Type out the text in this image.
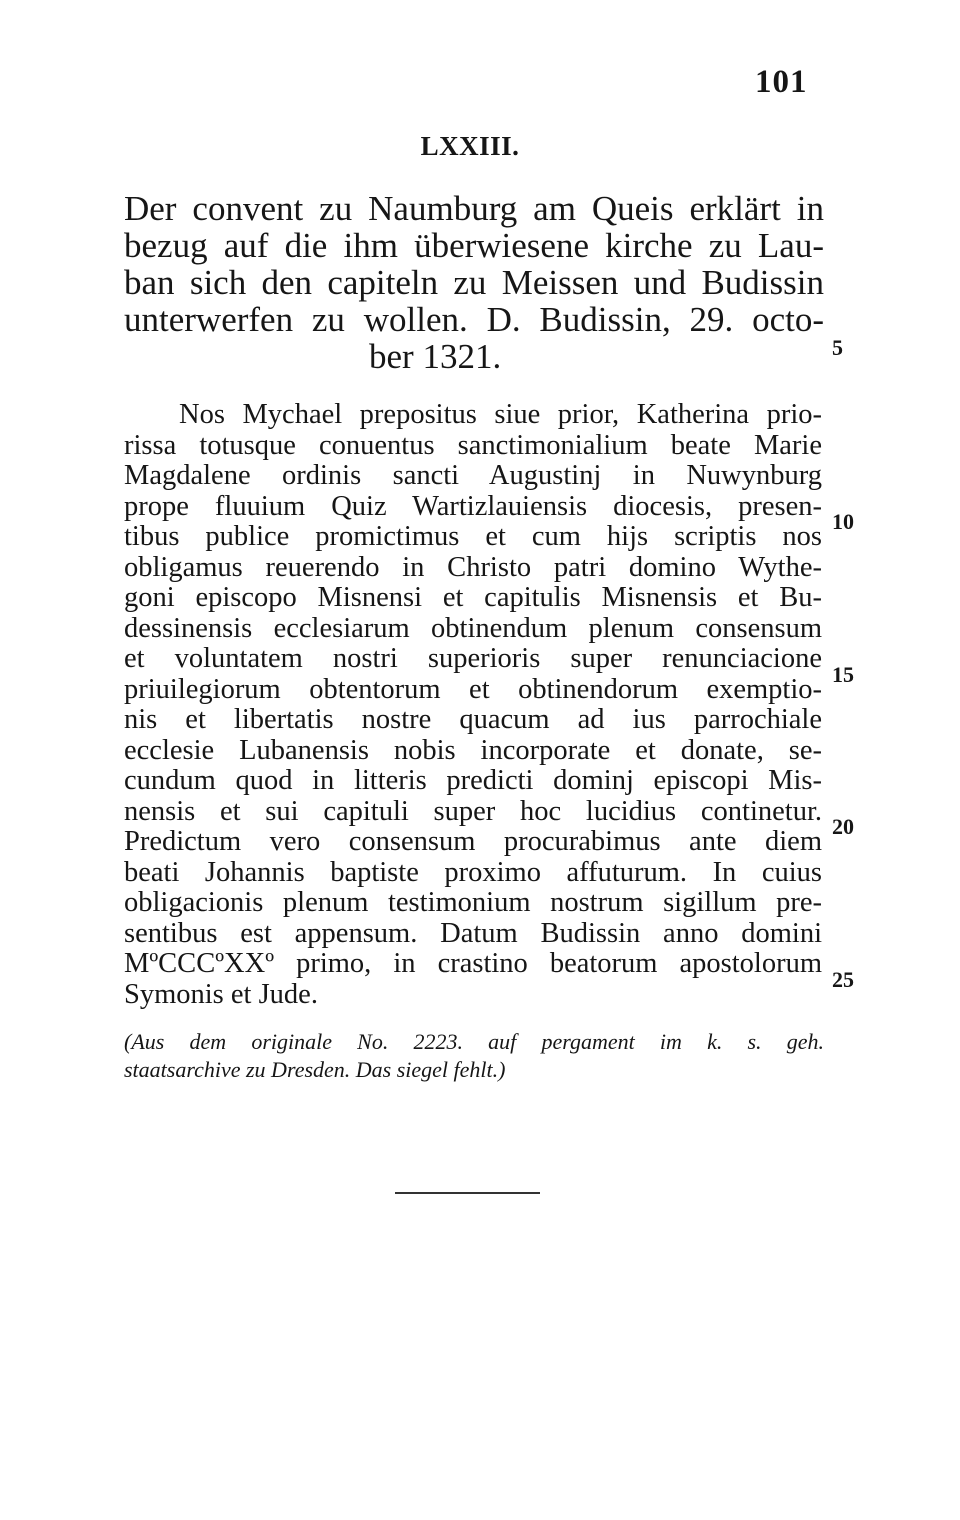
101
LXXIII.
Der convent zu Naumburg am Queis erklärt in
bezug auf die ihm überwiesene kirche zu Lau-
ban sich den capiteln zu Meissen und Budissin
unterwerfen zu wollen. D. Budissin, 29. octo-
ber 1321.
Nos Mychael prepositus siue prior, Katherina prio-
rissa totusque conuentus sanctimonialium beate Marie
Magdalene ordinis sancti Augustinj in Nuwynburg
prope fluuium Quiz Wartizlauiensis diocesis, presen-
tibus publice promictimus et cum hijs scriptis nos
obligamus reuerendo in Christo patri domino Wythe-
goni episcopo Misnensi et capitulis Misnensis et Bu-
dessinensis ecclesiarum obtinendum plenum consensum
et voluntatem nostri superioris super renunciacione
priuilegiorum obtentorum et obtinendorum exemptio-
nis et libertatis nostre quacum ad ius parrochiale
ecclesie Lubanensis nobis incorporate et donate, se-
cundum quod in litteris predicti dominj episcopi Mis-
nensis et sui capituli super hoc lucidius continetur.
Predictum vero consensum procurabimus ante diem
beati Johannis baptiste proximo affuturum. In cuius
obligacionis plenum testimonium nostrum sigillum pre-
sentibus est appensum. Datum Budissin anno domini
MºCCCºXXº primo, in crastino beatorum apostolorum
Symonis et Jude.
(Aus dem originale No. 2223. auf pergament im k. s. geh.
staatsarchive zu Dresden. Das siegel fehlt.)
5
10
15
20
25
